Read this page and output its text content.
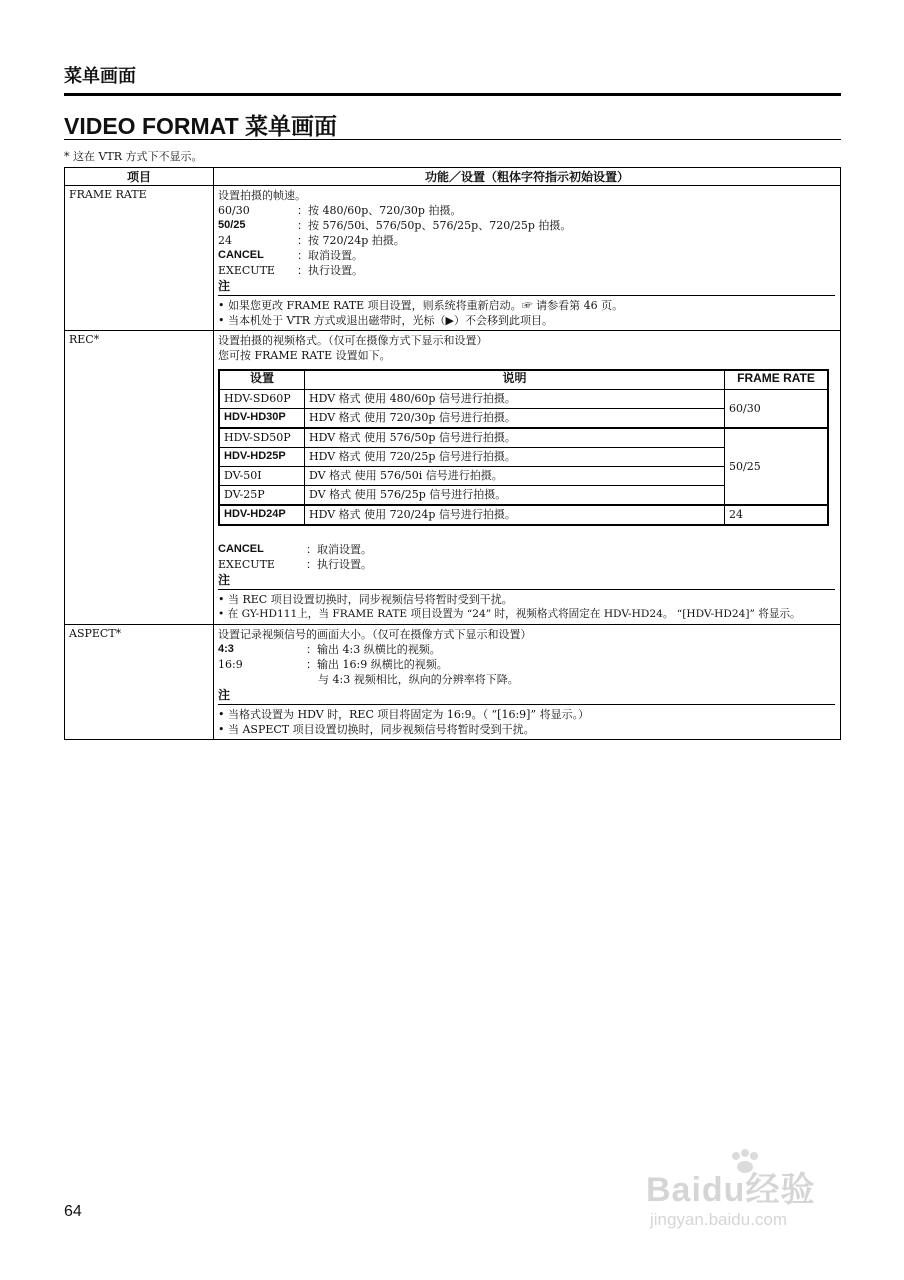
菜单画面
VIDEO FORMAT 菜单画面
* 这在 VTR 方式下不显示。
项目	功能／设置（粗体字符指示初始设置）
FRAME RATE	设置拍摄的帧速。
60/30	：按 480/60p、720/30p 拍摄。
50/25	：按 576/50i、576/50p、576/25p、720/25p 拍摄。
24	：按 720/24p 拍摄。
CANCEL	：取消设置。
EXECUTE	：执行设置。
注
• 如果您更改 FRAME RATE 项目设置，则系统将重新启动。☞ 请参看第 46 页。
• 当本机处于 VTR 方式或退出磁带时，光标（▶）不会移到此项目。

REC*	设置拍摄的视频格式。（仅可在摄像方式下显示和设置）
您可按 FRAME RATE 设置如下。
设置	说明	FRAME RATE
HDV-SD60P	HDV 格式 使用 480/60p 信号进行拍摄。	60/30
HDV-HD30P	HDV 格式 使用 720/30p 信号进行拍摄。
HDV-SD50P	HDV 格式 使用 576/50p 信号进行拍摄。	50/25
HDV-HD25P	HDV 格式 使用 720/25p 信号进行拍摄。
DV-50I	DV 格式 使用 576/50i 信号进行拍摄。
DV-25P	DV 格式 使用 576/25p 信号进行拍摄。
HDV-HD24P	HDV 格式 使用 720/24p 信号进行拍摄。	24
CANCEL	：取消设置。
EXECUTE	：执行设置。
注
• 当 REC 项目设置切换时，同步视频信号将暂时受到干扰。
• 在 GY-HD111上，当 FRAME RATE 项目设置为 “24” 时，视频格式将固定在 HDV-HD24。 “[HDV-HD24]” 将显示。

ASPECT*	设置记录视频信号的画面大小。（仅可在摄像方式下显示和设置）
4:3	：输出 4:3 纵横比的视频。
16:9	：输出 16:9 纵横比的视频。
与 4:3 视频相比，纵向的分辨率将下降。
注
• 当格式设置为 HDV 时，REC 项目将固定为 16:9。（ “[16:9]” 将显示。）
• 当 ASPECT 项目设置切换时，同步视频信号将暂时受到干扰。
64
Baidu经验
jingyan.baidu.com
